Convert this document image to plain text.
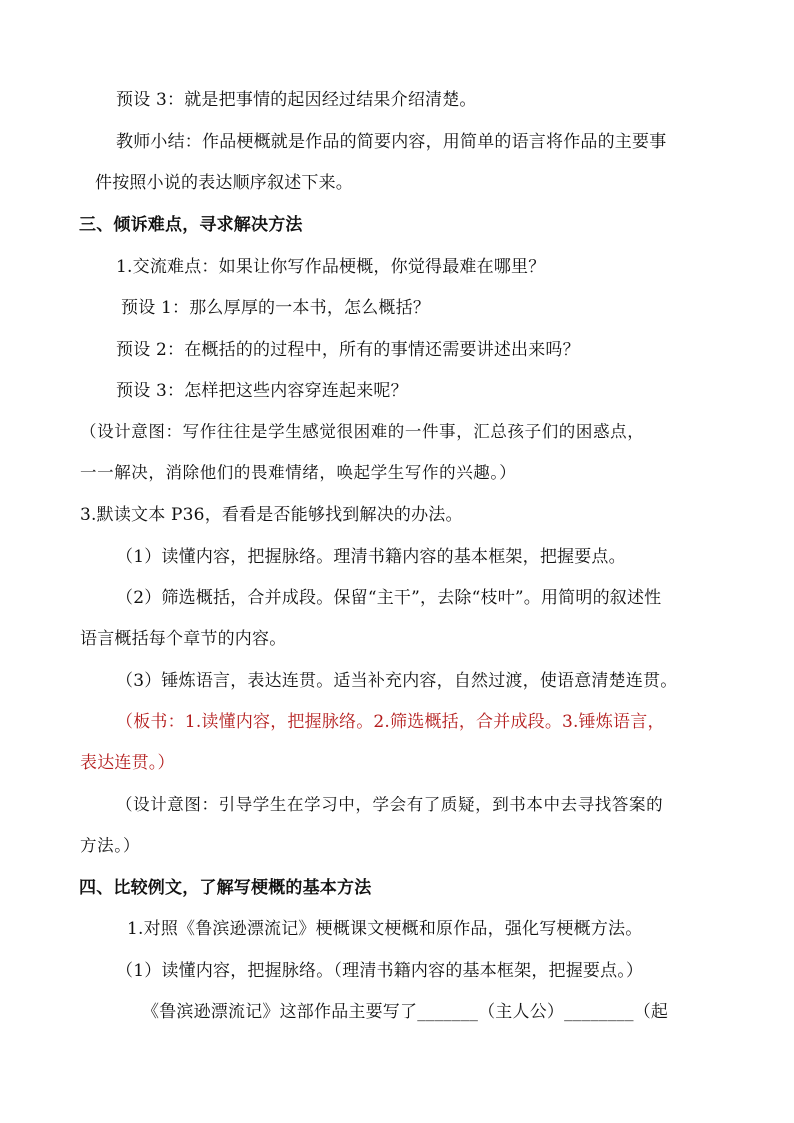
预设 3：就是把事情的起因经过结果介绍清楚。
教师小结：作品梗概就是作品的简要内容，用简单的语言将作品的主要事
件按照小说的表达顺序叙述下来。
三、倾诉难点，寻求解决方法
1.交流难点：如果让你写作品梗概，你觉得最难在哪里？
预设 1：那么厚厚的一本书，怎么概括？
预设 2：在概括的的过程中，所有的事情还需要讲述出来吗？
预设 3：怎样把这些内容穿连起来呢？
（设计意图：写作往往是学生感觉很困难的一件事，汇总孩子们的困惑点，
一一解决，消除他们的畏难情绪，唤起学生写作的兴趣。）
3.默读文本 P36，看看是否能够找到解决的办法。
（1）读懂内容，把握脉络。理清书籍内容的基本框架，把握要点。
（2）筛选概括，合并成段。保留“主干”，去除“枝叶”。用简明的叙述性
语言概括每个章节的内容。
（3）锤炼语言，表达连贯。适当补充内容，自然过渡，使语意清楚连贯。
（板书：1.读懂内容，把握脉络。2.筛选概括，合并成段。3.锤炼语言，
表达连贯。）
（设计意图：引导学生在学习中，学会有了质疑，到书本中去寻找答案的
方法。）
四、比较例文，了解写梗概的基本方法
1.对照《鲁滨逊漂流记》梗概课文梗概和原作品，强化写梗概方法。
（1）读懂内容，把握脉络。（理清书籍内容的基本框架，把握要点。）
《鲁滨逊漂流记》这部作品主要写了_______（主人公）________（起
